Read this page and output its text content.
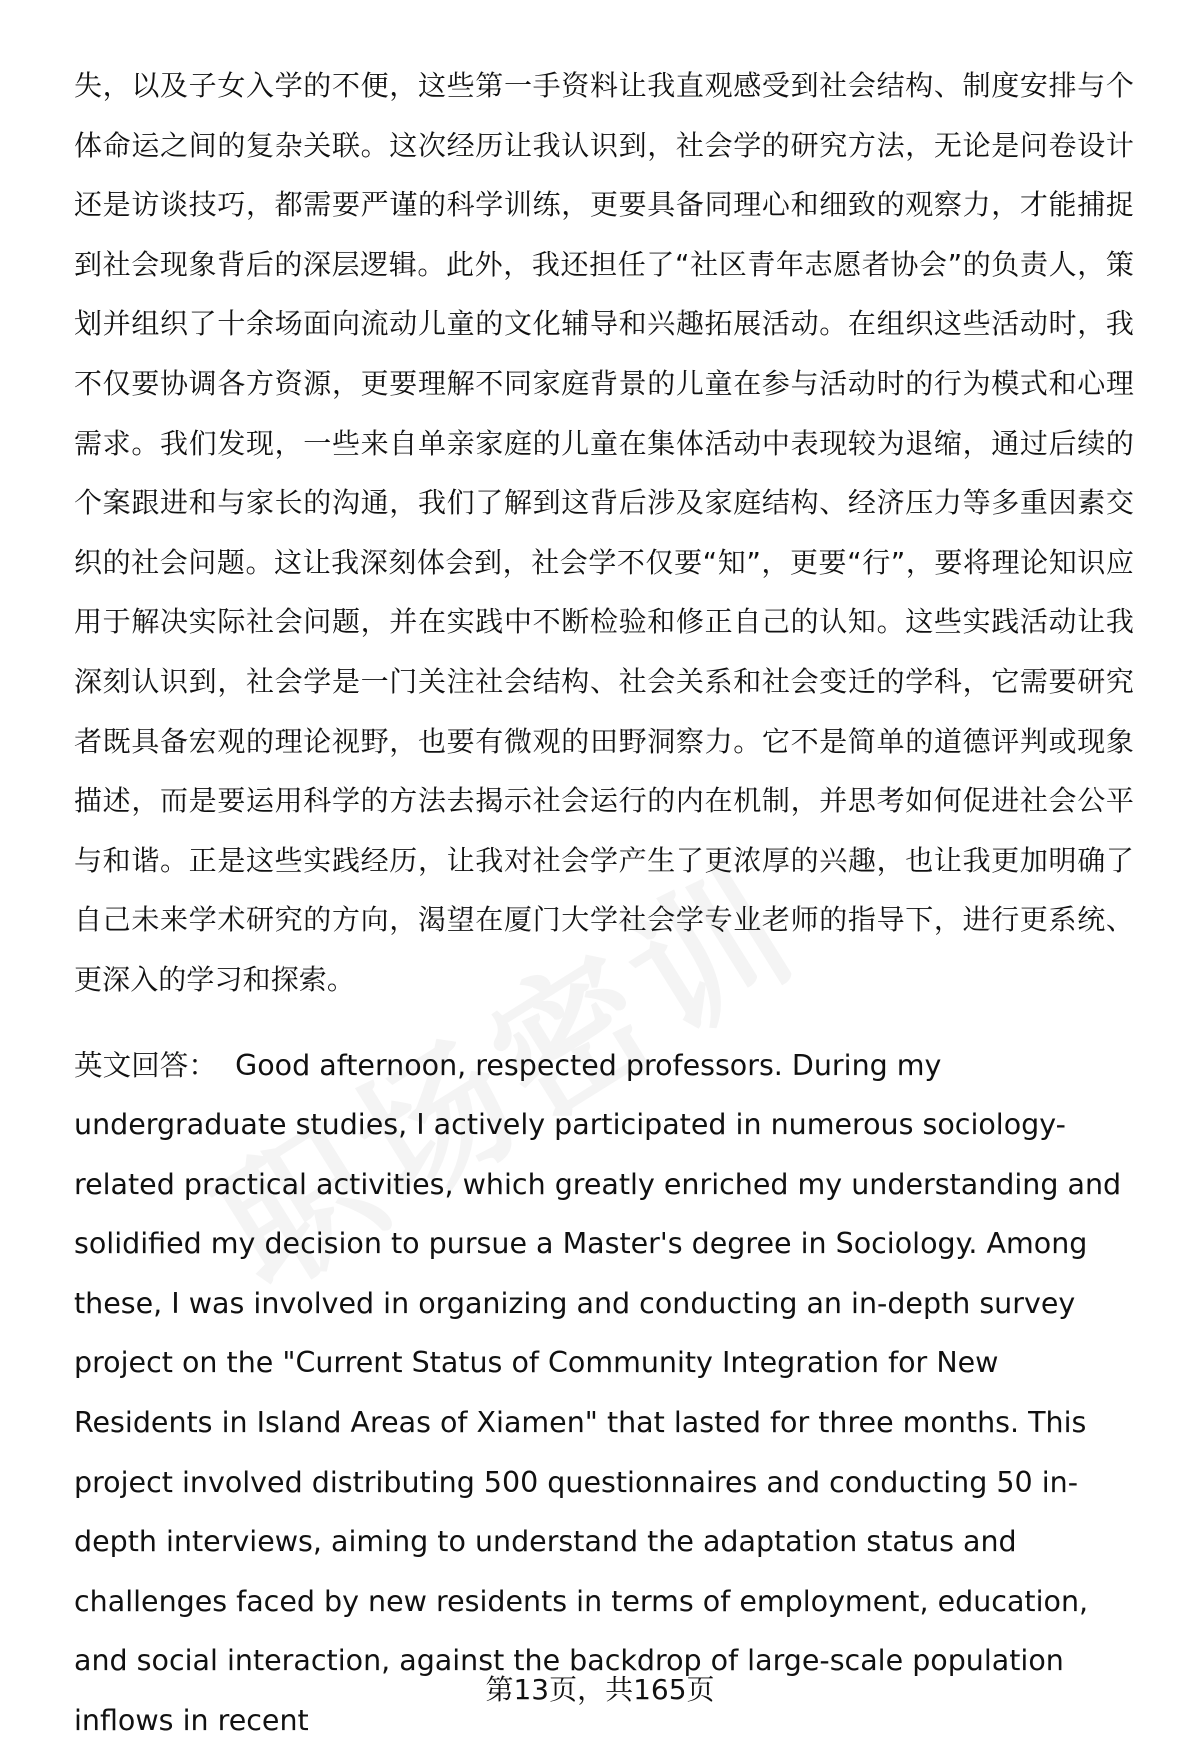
失，以及子女入学的不便，这些第一手资料让我直观感受到社会结构、制度安排与个体命运之间的复杂关联。这次经历让我认识到，社会学的研究方法，无论是问卷设计还是访谈技巧，都需要严谨的科学训练，更要具备同理心和细致的观察力，才能捕捉到社会现象背后的深层逻辑。此外，我还担任了“社区青年志愿者协会”的负责人，策划并组织了十余场面向流动儿童的文化辅导和兴趣拓展活动。在组织这些活动时，我不仅要协调各方资源，更要理解不同家庭背景的儿童在参与活动时的行为模式和心理需求。我们发现，一些来自单亲家庭的儿童在集体活动中表现较为退缩，通过后续的个案跟进和与家长的沟通，我们了解到这背后涉及家庭结构、经济压力等多重因素交织的社会问题。这让我深刻体会到，社会学不仅要“知”，更要“行”，要将理论知识应用于解决实际社会问题，并在实践中不断检验和修正自己的认知。这些实践活动让我深刻认识到，社会学是一门关注社会结构、社会关系和社会变迁的学科，它需要研究者既具备宏观的理论视野，也要有微观的田野洞察力。它不是简单的道德评判或现象描述，而是要运用科学的方法去揭示社会运行的内在机制，并思考如何促进社会公平与和谐。正是这些实践经历，让我对社会学产生了更浓厚的兴趣，也让我更加明确了自己未来学术研究的方向，渴望在厦门大学社会学专业老师的指导下，进行更系统、更深入的学习和探索。

英文回答： Good afternoon, respected professors. During my undergraduate studies, I actively participated in numerous sociology-related practical activities, which greatly enriched my understanding and solidified my decision to pursue a Master's degree in Sociology. Among these, I was involved in organizing and conducting an in-depth survey project on the "Current Status of Community Integration for New Residents in Island Areas of Xiamen" that lasted for three months. This project involved distributing 500 questionnaires and conducting 50 in-depth interviews, aiming to understand the adaptation status and challenges faced by new residents in terms of employment, education, and social interaction, against the backdrop of large-scale population inflows in recent

第13页，共165页
